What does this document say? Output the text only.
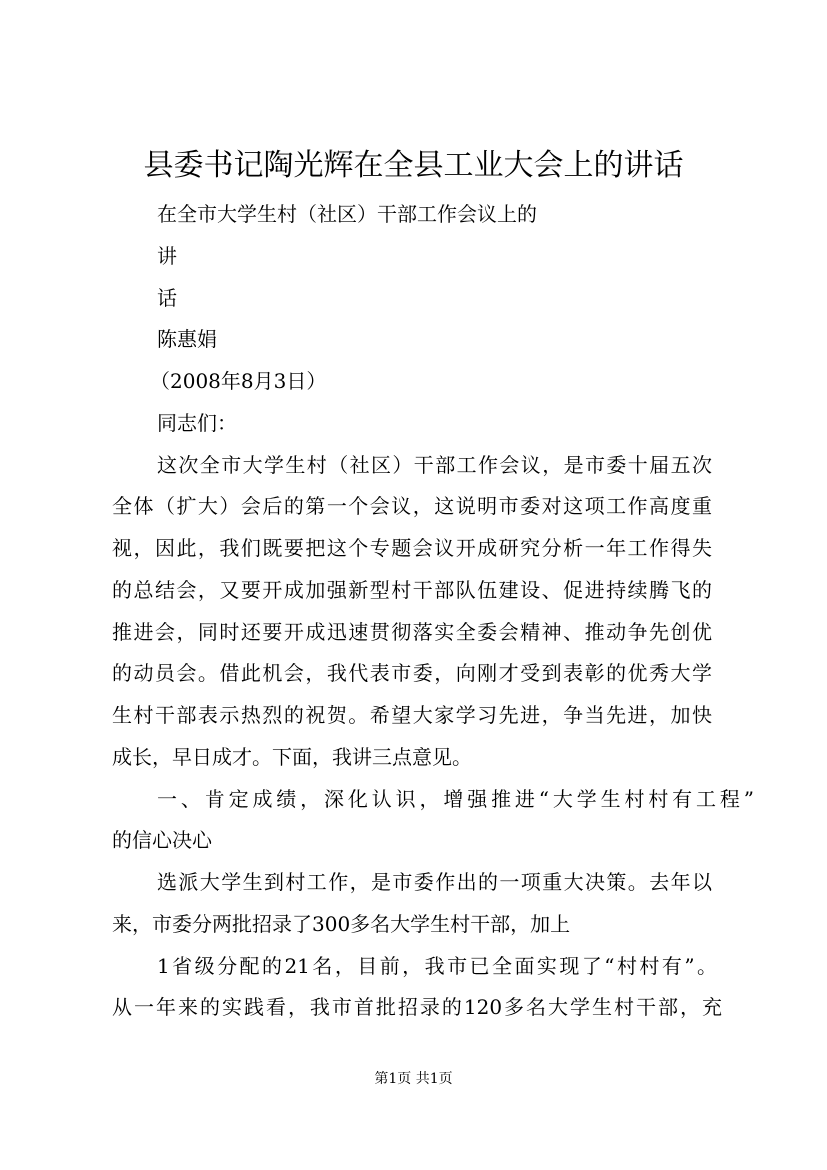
县委书记陶光辉在全县工业大会上的讲话

在全市大学生村（社区）干部工作会议上的

讲

话

陈惠娟

（2008年8月3日）

同志们：

这次全市大学生村（社区）干部工作会议，是市委十届五次

全体（扩大）会后的第一个会议，这说明市委对这项工作高度重

视，因此，我们既要把这个专题会议开成研究分析一年工作得失

的总结会，又要开成加强新型村干部队伍建设、促进持续腾飞的

推进会，同时还要开成迅速贯彻落实全委会精神、推动争先创优

的动员会。借此机会，我代表市委，向刚才受到表彰的优秀大学

生村干部表示热烈的祝贺。希望大家学习先进，争当先进，加快

成长，早日成才。下面，我讲三点意见。

一、肯定成绩，深化认识，增强推进“大学生村村有工程”

的信心决心

选派大学生到村工作，是市委作出的一项重大决策。去年以

来，市委分两批招录了300多名大学生村干部，加上

1省级分配的21名，目前，我市已全面实现了“村村有”。

从一年来的实践看，我市首批招录的120多名大学生村干部，充

第1页 共1页
